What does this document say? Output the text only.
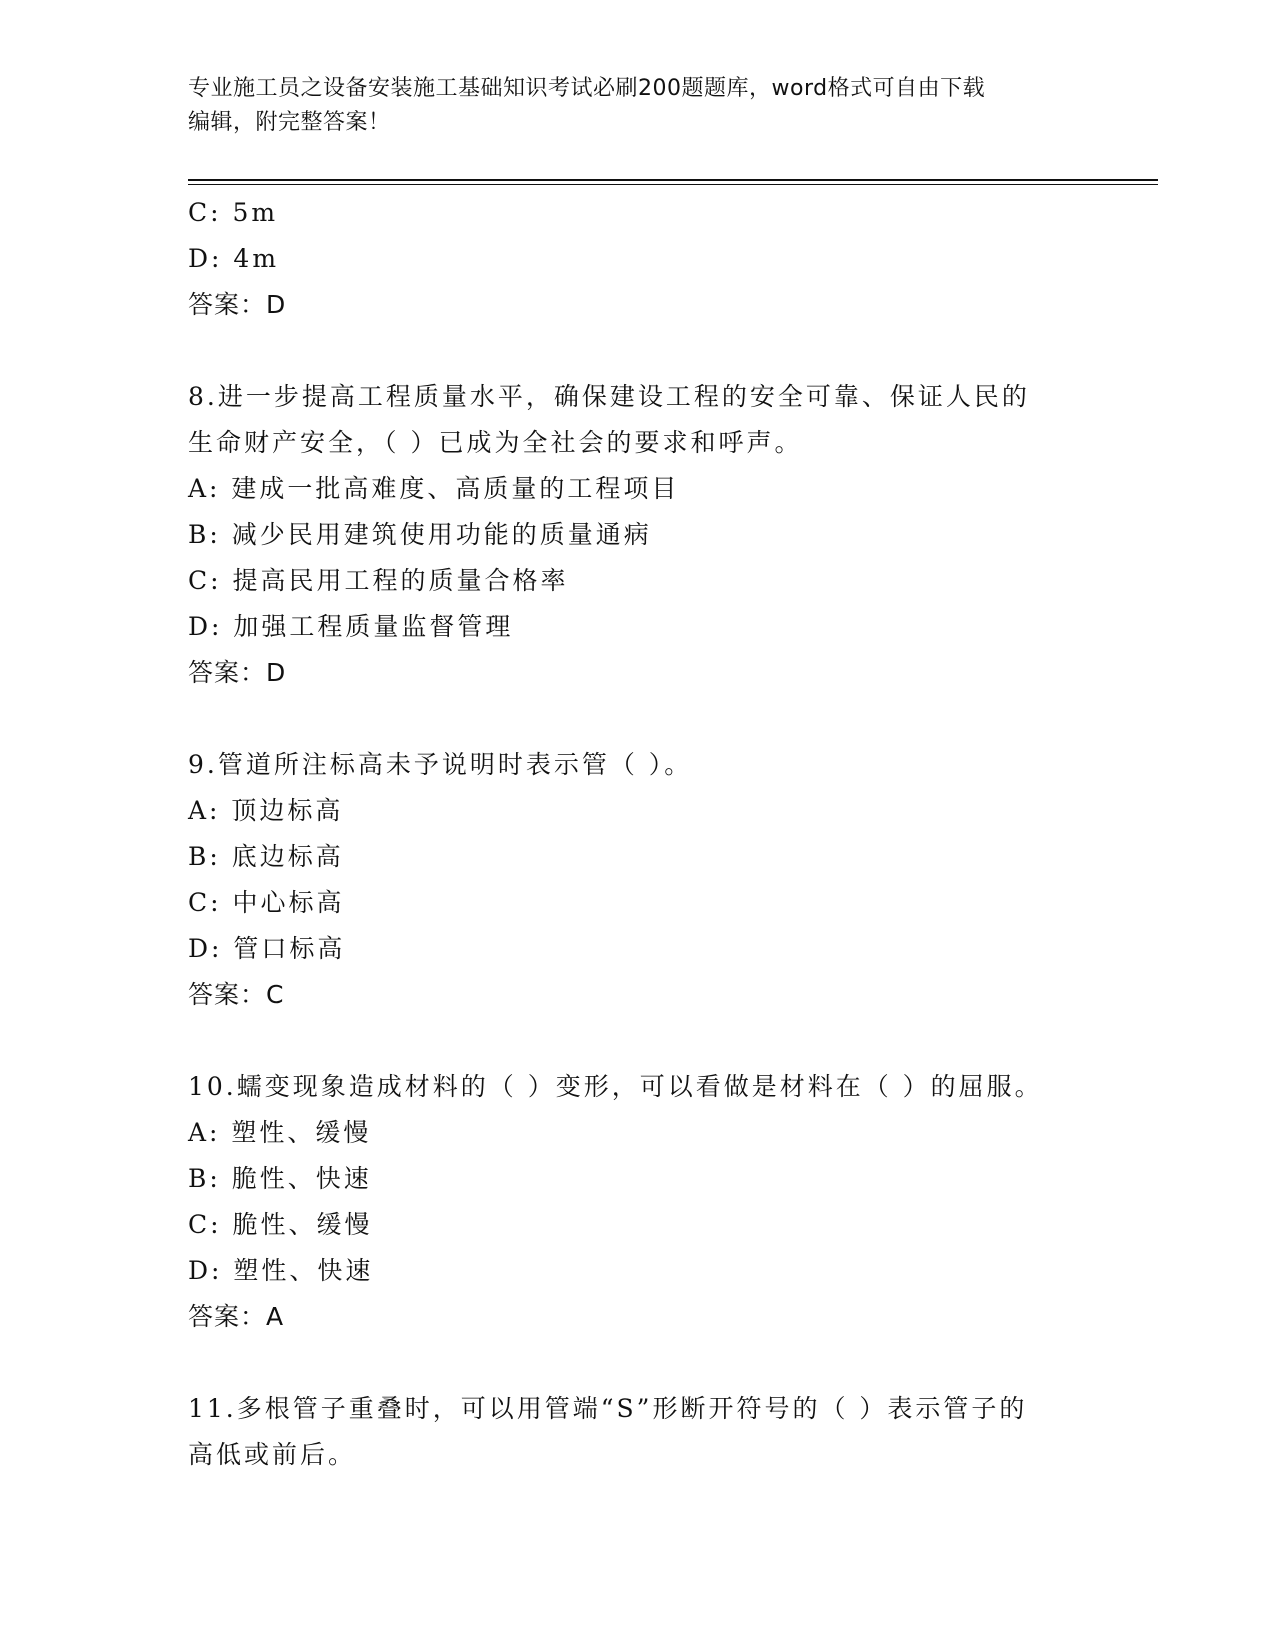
专业施工员之设备安装施工基础知识考试必刷200题题库，word格式可自由下载
编辑，附完整答案！
C: 5m
D: 4m
答案：D
8.进一步提高工程质量水平，确保建设工程的安全可靠、保证人民的
生命财产安全，（ ）已成为全社会的要求和呼声。
A: 建成一批高难度、高质量的工程项目
B: 减少民用建筑使用功能的质量通病
C: 提高民用工程的质量合格率
D: 加强工程质量监督管理
答案：D
9.管道所注标高未予说明时表示管（ ）。
A: 顶边标高
B: 底边标高
C: 中心标高
D: 管口标高
答案：C
10.蠕变现象造成材料的（ ）变形，可以看做是材料在（ ）的屈服。
A: 塑性、缓慢
B: 脆性、快速
C: 脆性、缓慢
D: 塑性、快速
答案：A
11.多根管子重叠时，可以用管端“S”形断开符号的（ ）表示管子的
高低或前后。
